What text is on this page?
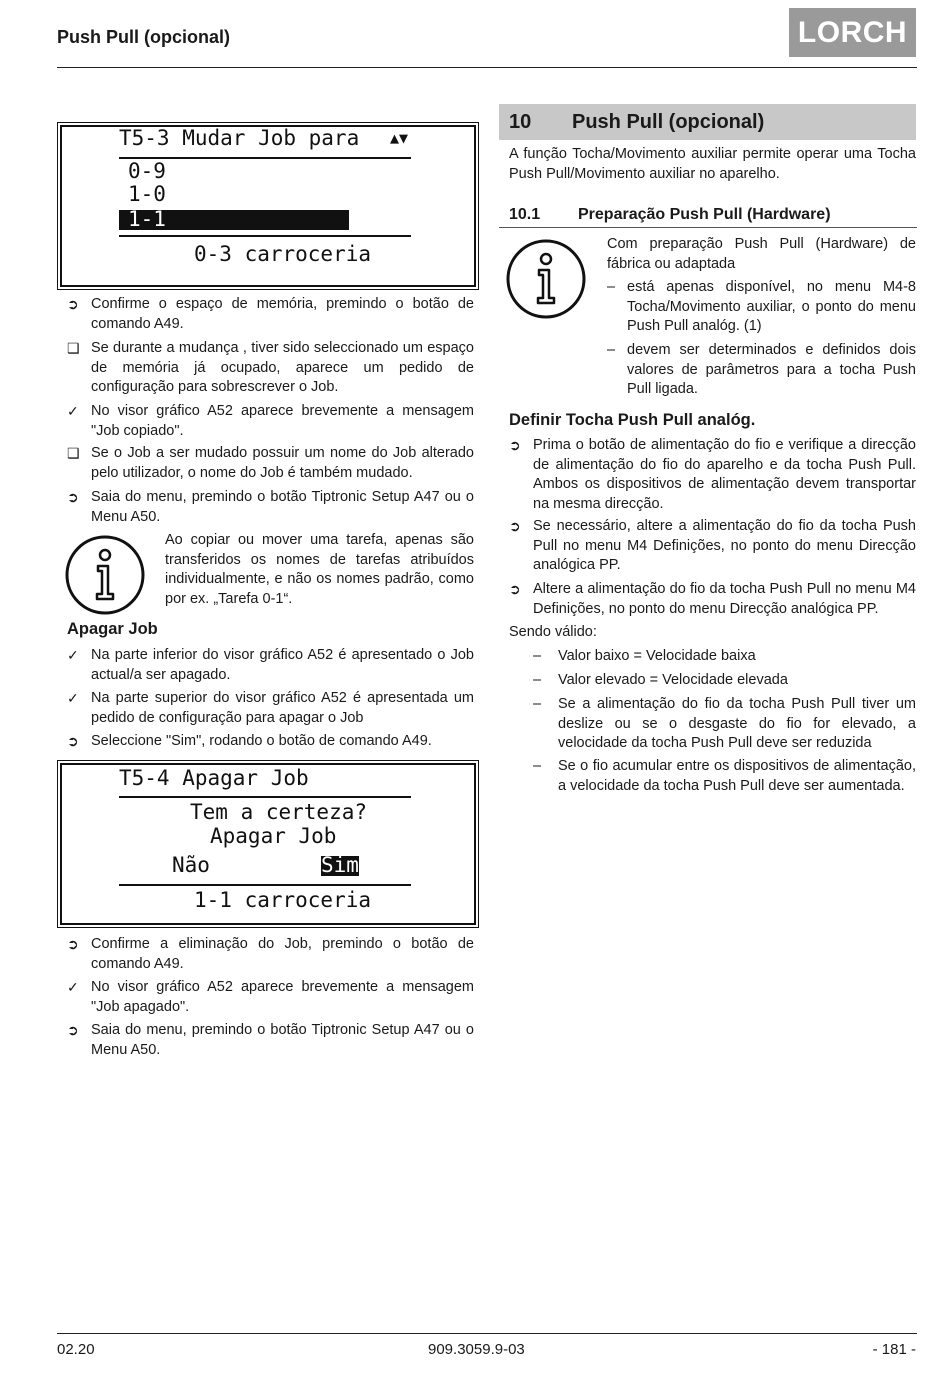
Push Pull (opcional)	LORCH
T5-3 Mudar Job para ▲▼
0-9
1-0
1-1
0-3 carroceria
➲ Confirme o espaço de memória, premindo o botão de comando A49.
❑ Se durante a mudança , tiver sido seleccionado um espaço de memória já ocupado, aparece um pedido de configuração para sobrescrever o Job.
✓ No visor gráfico A52 aparece brevemente a mensagem "Job copiado".
❑ Se o Job a ser mudado possuir um nome do Job alterado pelo utilizador, o nome do Job é também mudado.
➲ Saia do menu, premindo o botão Tiptronic Setup A47 ou o Menu A50.
Ao copiar ou mover uma tarefa, apenas são transferidos os nomes de tarefas atribuídos individualmente, e não os nomes padrão, como por ex. „Tarefa 0-1“.
Apagar Job
✓ Na parte inferior do visor gráfico A52 é apresentado o Job actual/a ser apagado.
✓ Na parte superior do visor gráfico A52 é apresentada um pedido de configuração para apagar o Job
➲ Seleccione "Sim", rodando o botão de comando A49.
T5-4 Apagar Job
Tem a certeza?
Apagar Job
Não	Sim
1-1 carroceria
➲ Confirme a eliminação do Job, premindo o botão de comando A49.
✓ No visor gráfico A52 aparece brevemente a mensagem "Job apagado".
➲ Saia do menu, premindo o botão Tiptronic Setup A47 ou o Menu A50.
10 Push Pull (opcional)
A função Tocha/Movimento auxiliar permite operar uma Tocha Push Pull/Movimento auxiliar no aparelho.
10.1 Preparação Push Pull (Hardware)
Com preparação Push Pull (Hardware) de fábrica ou adaptada
– está apenas disponível, no menu M4-8 Tocha/Movimento auxiliar, o ponto do menu Push Pull analóg. (1)
– devem ser determinados e definidos dois valores de parâmetros para a tocha Push Pull ligada.
Definir Tocha Push Pull analóg.
➲ Prima o botão de alimentação do fio e verifique a direcção de alimentação do fio do aparelho e da tocha Push Pull. Ambos os dispositivos de alimentação devem transportar na mesma direcção.
➲ Se necessário, altere a alimentação do fio da tocha Push Pull no menu M4 Definições, no ponto do menu Direcção analógica PP.
➲ Altere a alimentação do fio da tocha Push Pull no menu M4 Definições, no ponto do menu Direcção analógica PP.
Sendo válido:
–	Valor baixo = Velocidade baixa
–	Valor elevado = Velocidade elevada
–	Se a alimentação do fio da tocha Push Pull tiver um deslize ou se o desgaste do fio for elevado, a velocidade da tocha Push Pull deve ser reduzida
–	Se o fio acumular entre os dispositivos de alimentação, a velocidade da tocha Push Pull deve ser aumentada.
02.20	909.3059.9-03	- 181 -
